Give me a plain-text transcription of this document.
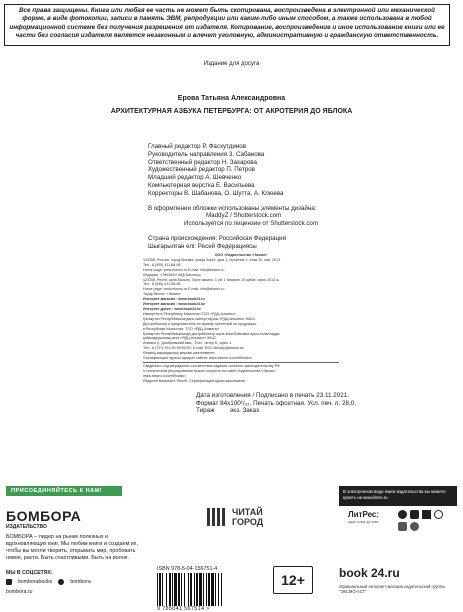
Все права защищены. Книга или любая ее часть не может быть скопирована, воспроизведена в электронной или механической форме, в виде фотокопии, записи в память ЭВМ, репродукции или каким-либо иным способом, а также использована в любой информационной системе без получения разрешения от издателя. Копирование, воспроизведение и иное использование книги или ее части без согласия издателя является незаконным и влечет уголовную, административную и гражданскую ответственность.
Издание для досуга
Ерова Татьяна Александровна
АРХИТЕКТУРНАЯ АЗБУКА ПЕТЕРБУРГА: ОТ АКРОТЕРИЯ ДО ЯБЛОКА
Главный редактор Р. Фасхутдинов
Руководитель направления З. Сабанова
Ответственный редактор Н. Захарова
Художественный редактор П. Петров
Младший редактор А. Шевченко
Компьютерная верстка Е. Васильева
Корректоры В. Шабанова, О. Шутта, А. Клюева
В оформлении обложки использованы элементы дизайна:
MaddyZ / Shutterstock.com
Используется по лицензии от Shutterstock.com
Страна происхождения: Российская Федерация
Шығарылған елі: Ресей Федерациясы
ООО «Издательство «Эксмо»
123308, Россия, город Москва, улица Зорге, дом 1, строение 1, этаж 20, каб. 2013.
Тел.: 8 (495) 411-68-86.
Home page: www.eksmo.ru E-mail: info@eksmo.ru
Өндіруші: «ЭКСМО» АҚБ Баспасы,
123308, Ресей, қала Мәскеу, Зорге көшесі, 1 үй, 1 ғимарат, 20 қабат, офис 2013 ж.
Тел.: 8 (495) 411-68-86.
Home page: www.eksmo.ru E-mail: info@eksmo.ru
Тауар белгісі: «Эксмо»
Интернет-магазин : www.book24.ru
Интернет-магазин : www.book24.kz
Интернет-дүкен : www.book24.kz
Импортёр в Республику Казахстан ТОО «РДЦ-Алматы».
Қазақстан Республикасындағы импорттаушы «РДЦ-Алматы» ЖШС.
Дистрибьютор и представитель по приему претензий на продукцию,
в Республике Казахстан: ТОО «РДЦ-Алматы»
Қазақстан Республикасында дистрибьютор және өнім бойынша арыз-талаптарды
қабылдаушының өкілі «РДЦ-Алматы» ЖШС,
Алматы қ., Домбровский көш., 3«а», литер Б, офис 1.
Тел.: 8 (727) 251-59-90/91/92; E-mail: RDC-Almaty@eksmo.kz
Өнімнің жарамдылық мерзімі шектелмеген.
Сертификация туралы ақпарат сайтта: www.eksmo.ru/certification
Сведения о подтверждении соответствия издания согласно законодательству РФ
о техническом регулировании можно получить на сайте Издательства «Эксмо»
www.eksmo.ru/certification
Өндірген мемлекет: Ресей. Сертификация қарастырылмаған
Дата изготовления / Подписано в печать 23.11.2021.
Формат 84x100¹/₃₂. Печать офсетная. Усл. печ. л. 28,0.
Тираж         экз. Заказ
ПРИСОЕДИНЯЙТЕСЬ К НАМ!
БОМБОРА
ИЗДАТЕЛЬСТВО
БОМБОРА – лидер на рынке полезных и вдохновляющих книг. Мы любим книги и создаем их, чтобы вы могли творить, открывать мир, пробовать новое, расти. Быть счастливыми. Быть на волне.
МЫ В СОЦСЕТЯХ:
bomborabooks	bombora
bombora.ru
ЧИТАЙ
ГОРОД
ISBN 978-5-04-156751-4
9 785041 567514 >
12+
В электронном виде книги издательства вы можете купить на www.litres.ru
ЛитРес:
один клик до книг
book 24.ru
Официальный интернет-магазин издательской группы "ЭКСМО-АСТ"
